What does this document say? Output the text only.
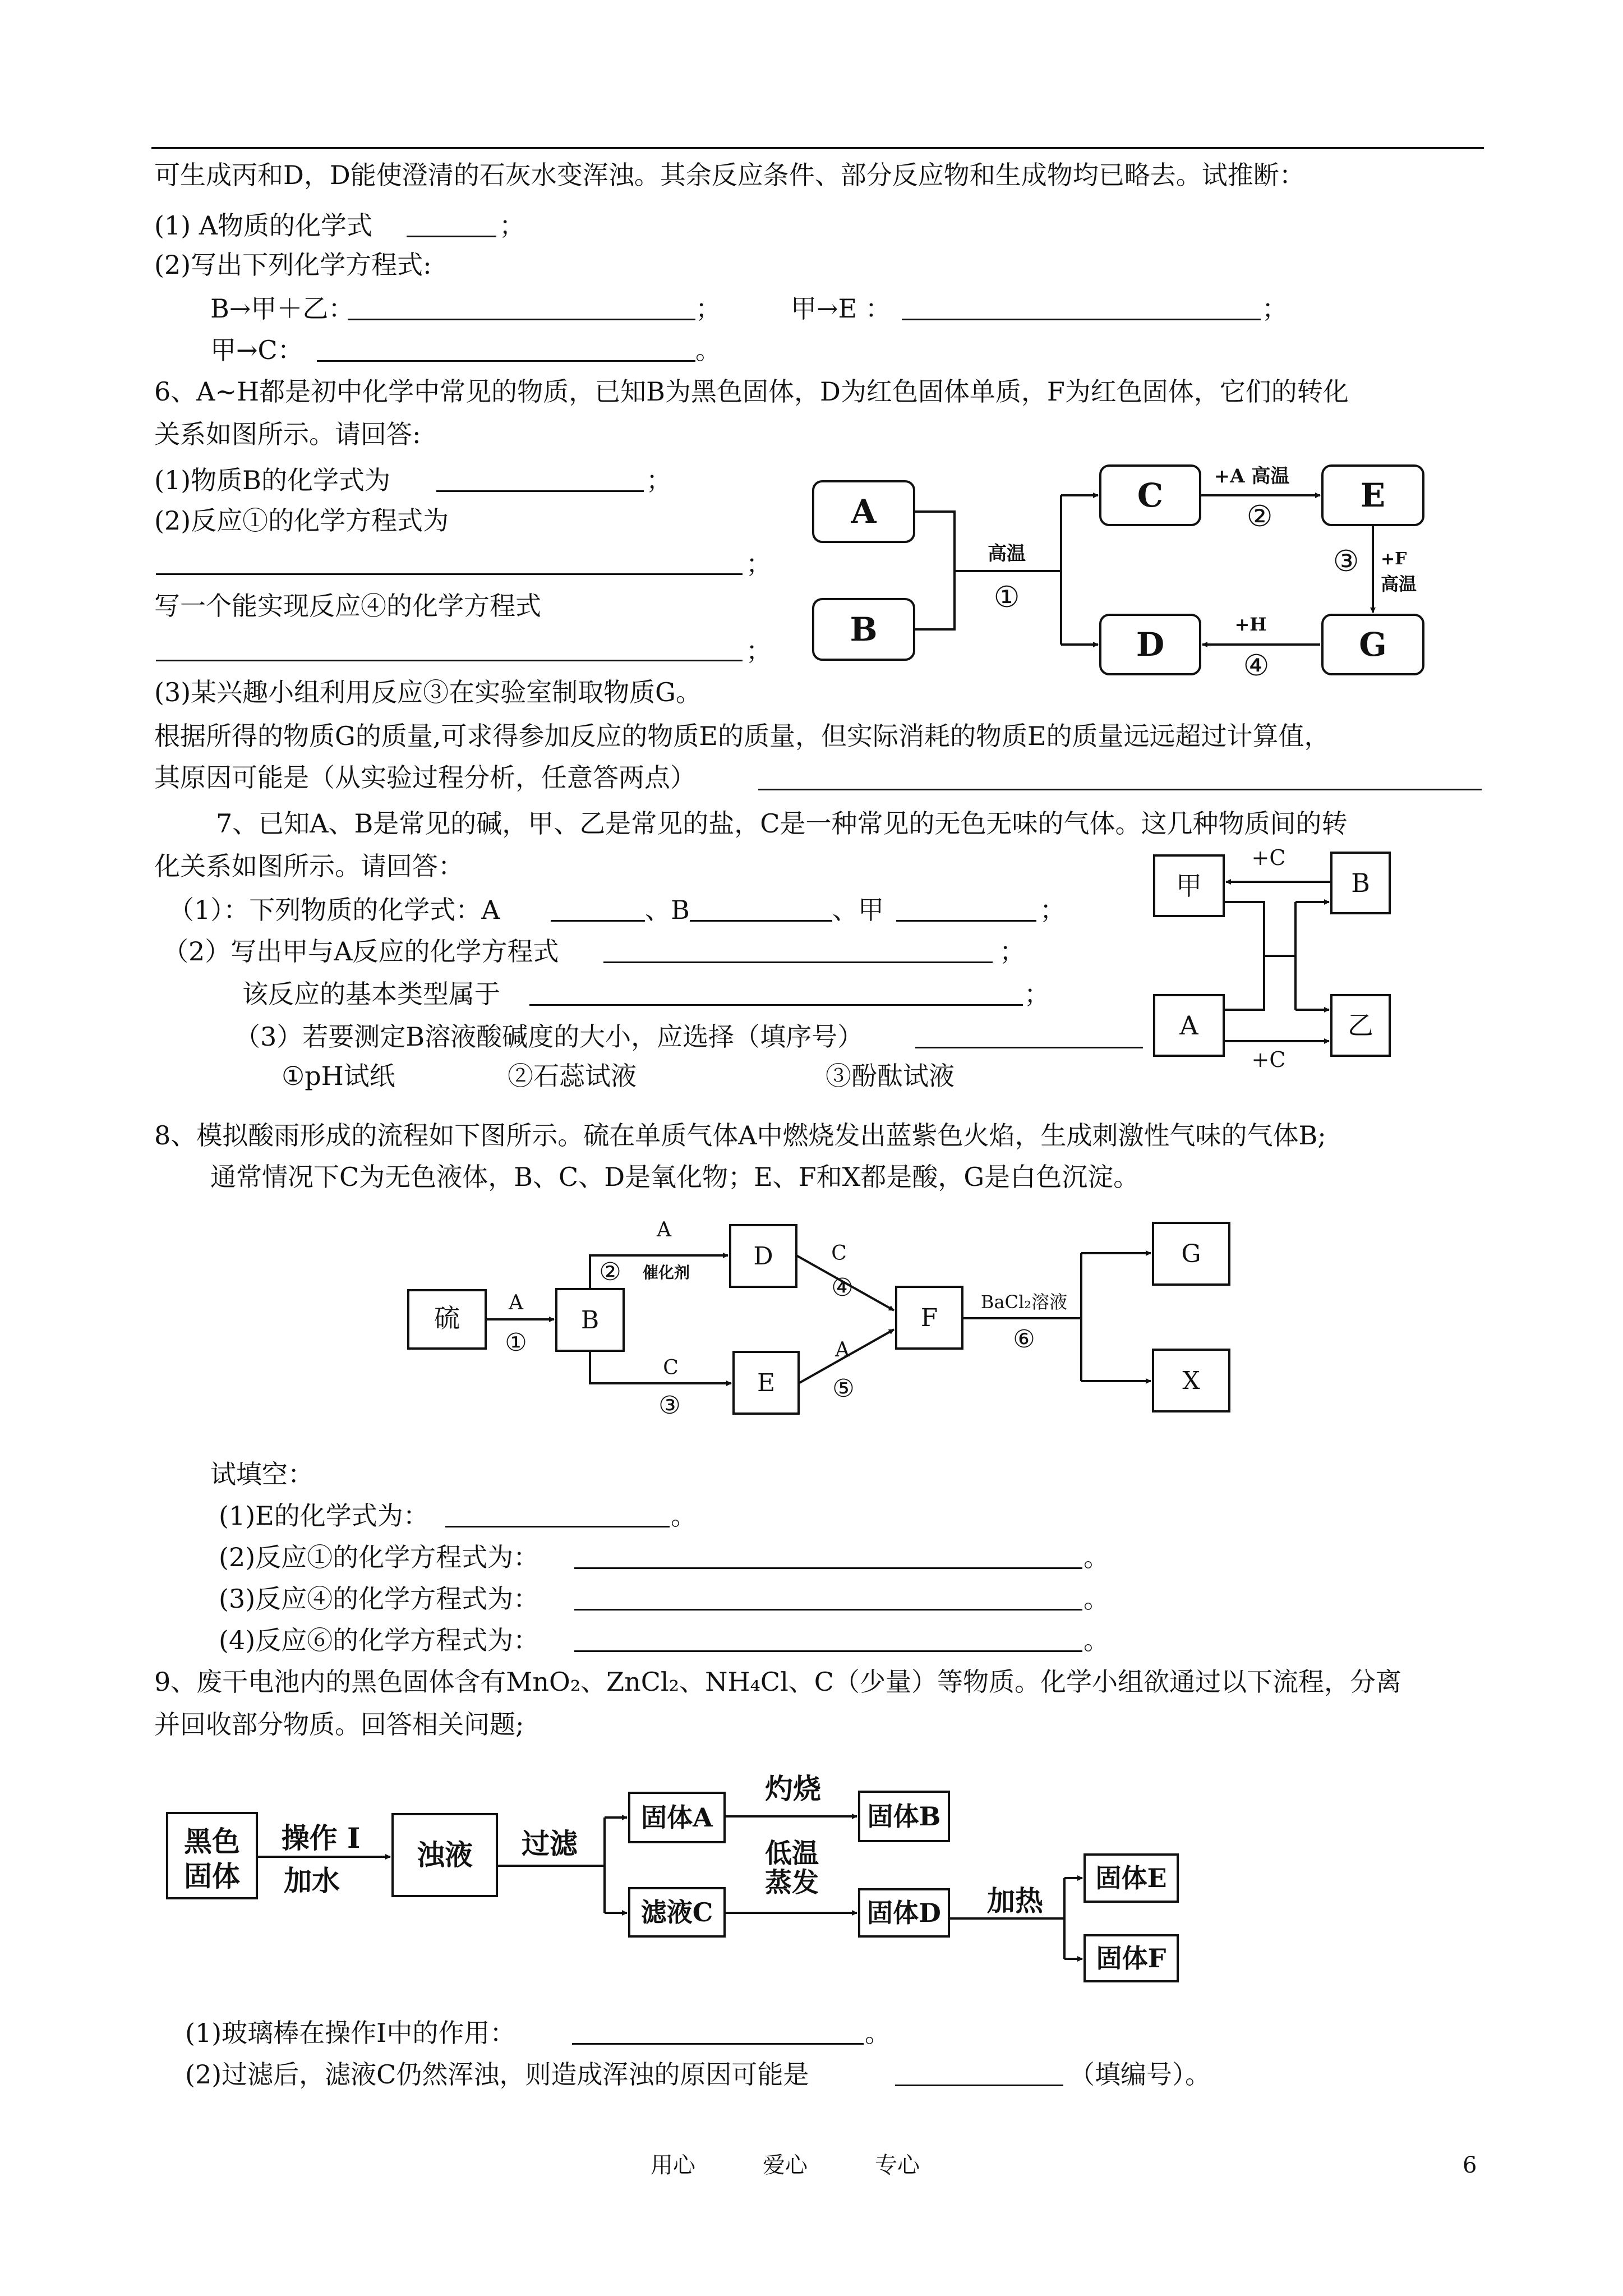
可生成丙和D，D能使澄清的石灰水变浑浊。其余反应条件、部分反应物和生成物均已略去。试推断：
(1) A物质的化学式	；
(2)写出下列化学方程式:
B→甲＋乙：	；	甲→E ：	；
甲→C：	。
6、A~H都是初中化学中常见的物质，已知B为黑色固体，D为红色固体单质，F为红色固体，它们的转化
关系如图所示。请回答:
(1)物质B的化学式为	；
(2)反应①的化学方程式为
；
写一个能实现反应④的化学方程式
；
(3)某兴趣小组利用反应③在实验室制取物质G。
根据所得的物质G的质量,可求得参加反应的物质E的质量，但实际消耗的物质E的质量远远超过计算值，
其原因可能是（从实验过程分析，任意答两点）
A
B
C	E
D	G
高温
①
+A 高温
②
③ +F
高温
+H
④
7、已知A、B是常见的碱，甲、乙是常见的盐，C是一种常见的无色无味的气体。这几种物质间的转
化关系如图所示。请回答：
（1）：下列物质的化学式：A	、B	、甲	；
（2）写出甲与A反应的化学方程式	；
该反应的基本类型属于	；
（3）若要测定B溶液酸碱度的大小，应选择（填序号）
①pH试纸	②石蕊试液	③酚酞试液
甲	B
A	乙
+C
+C
8、模拟酸雨形成的流程如下图所示。硫在单质气体A中燃烧发出蓝紫色火焰，生成刺激性气味的气体B;
通常情况下C为无色液体，B、C、D是氧化物；E、F和X都是酸，G是白色沉淀。
硫	B
D
E
F
G
X
A
①
A
② 催化剂
C
③
C
④
A
⑤
BaCl₂溶液
⑥
试填空：
(1)E的化学式为：	。
(2)反应①的化学方程式为：	。
(3)反应④的化学方程式为：	。
(4)反应⑥的化学方程式为：	。
9、废干电池内的黑色固体含有MnO₂、ZnCl₂、NH₄Cl、C（少量）等物质。化学小组欲通过以下流程，分离
并回收部分物质。回答相关问题;
黑色
固体
操作 I
加水
浊液 过滤
固体A
灼烧
固体B
滤液C
低温
蒸发
固体D 加热
固体E
固体F
(1)玻璃棒在操作I中的作用：	。
(2)过滤后，滤液C仍然浑浊，则造成浑浊的原因可能是	（填编号）。
用心　　　爱心　　　专心	6
